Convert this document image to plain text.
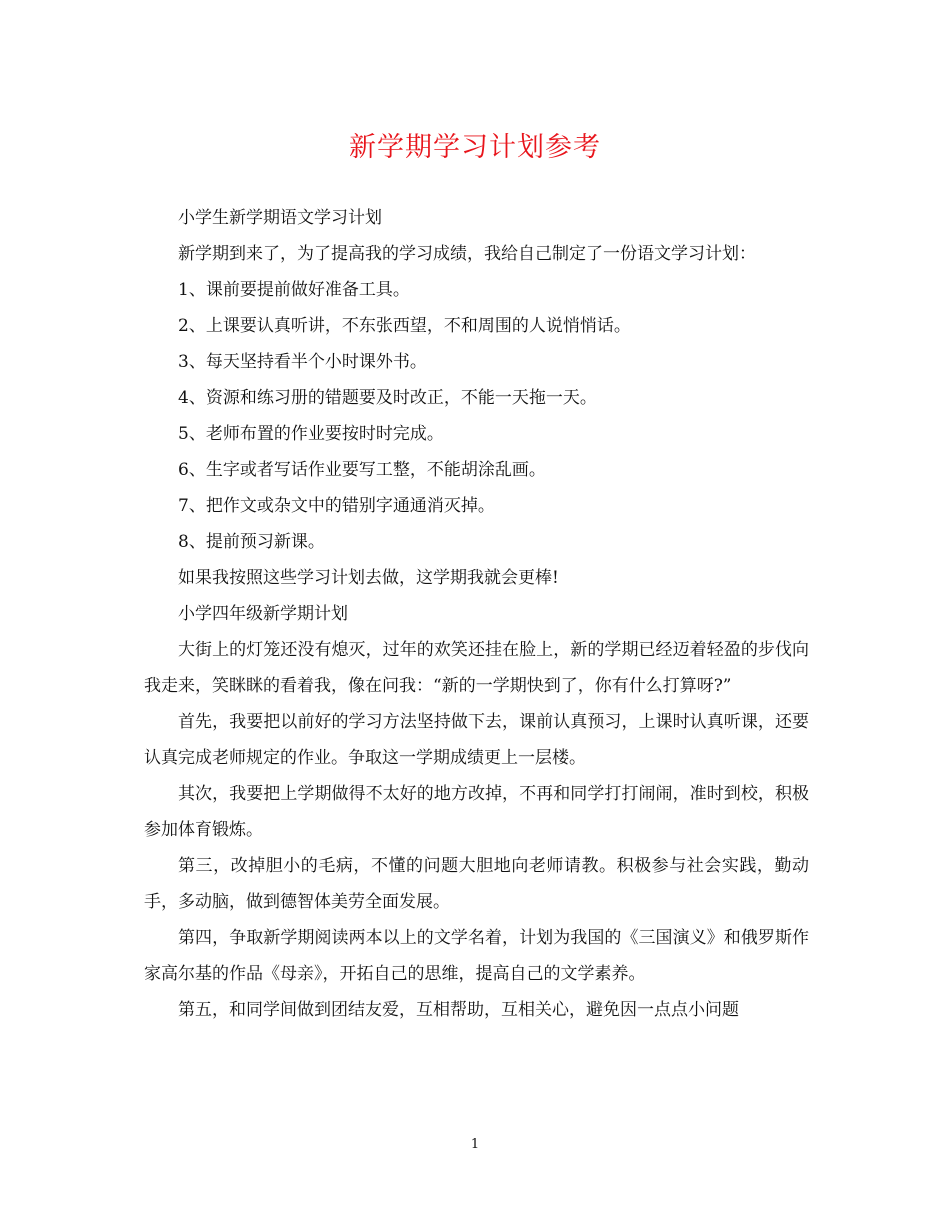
新学期学习计划参考

小学生新学期语文学习计划

新学期到来了，为了提高我的学习成绩，我给自己制定了一份语文学习计划：

1、课前要提前做好准备工具。

2、上课要认真听讲，不东张西望，不和周围的人说悄悄话。

3、每天坚持看半个小时课外书。

4、资源和练习册的错题要及时改正，不能一天拖一天。

5、老师布置的作业要按时时完成。

6、生字或者写话作业要写工整，不能胡涂乱画。

7、把作文或杂文中的错别字通通消灭掉。

8、提前预习新课。

如果我按照这些学习计划去做，这学期我就会更棒!

小学四年级新学期计划

大街上的灯笼还没有熄灭，过年的欢笑还挂在脸上，新的学期已经迈着轻盈的步伐向我走来，笑眯眯的看着我，像在问我：“新的一学期快到了，你有什么打算呀?”

首先，我要把以前好的学习方法坚持做下去，课前认真预习，上课时认真听课，还要认真完成老师规定的作业。争取这一学期成绩更上一层楼。

其次，我要把上学期做得不太好的地方改掉，不再和同学打打闹闹，准时到校，积极参加体育锻炼。

第三，改掉胆小的毛病，不懂的问题大胆地向老师请教。积极参与社会实践，勤动手，多动脑，做到德智体美劳全面发展。

第四，争取新学期阅读两本以上的文学名着，计划为我国的《三国演义》和俄罗斯作家高尔基的作品《母亲》，开拓自己的思维，提高自己的文学素养。

第五，和同学间做到团结友爱，互相帮助，互相关心，避免因一点点小问题

1
